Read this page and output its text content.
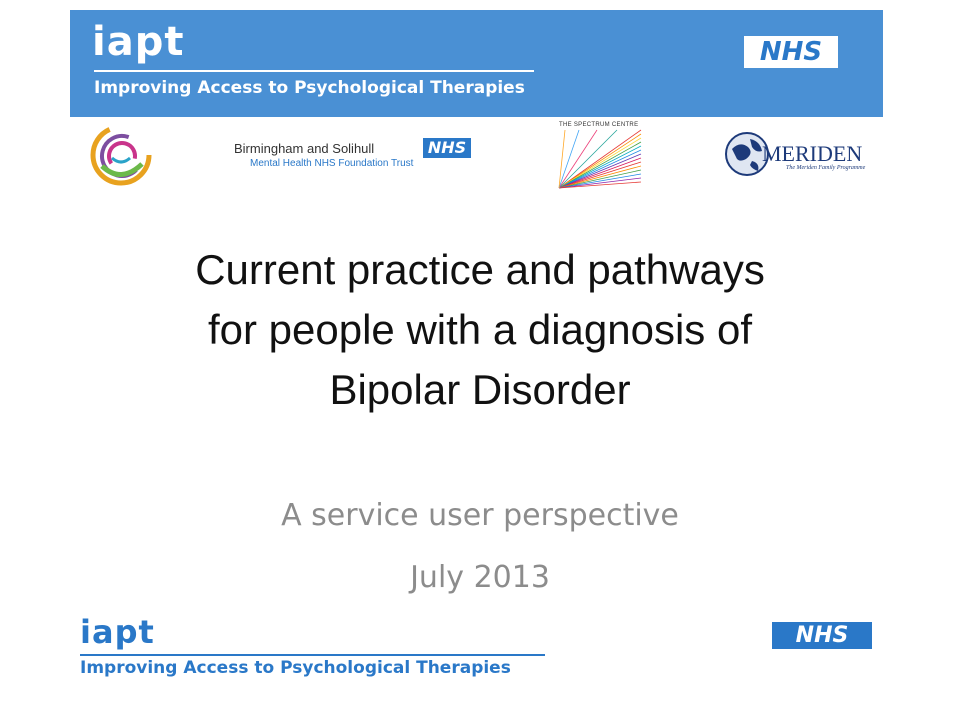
iapt
Improving Access to Psychological Therapies
NHS
Birmingham and Solihull
Mental Health NHS Foundation Trust
NHS
THE SPECTRUM CENTRE
MERIDEN
The Meriden Family Programme
Current practice and pathways
for people with a diagnosis of
Bipolar Disorder
A service user perspective
July 2013
iapt
Improving Access to Psychological Therapies
NHS
